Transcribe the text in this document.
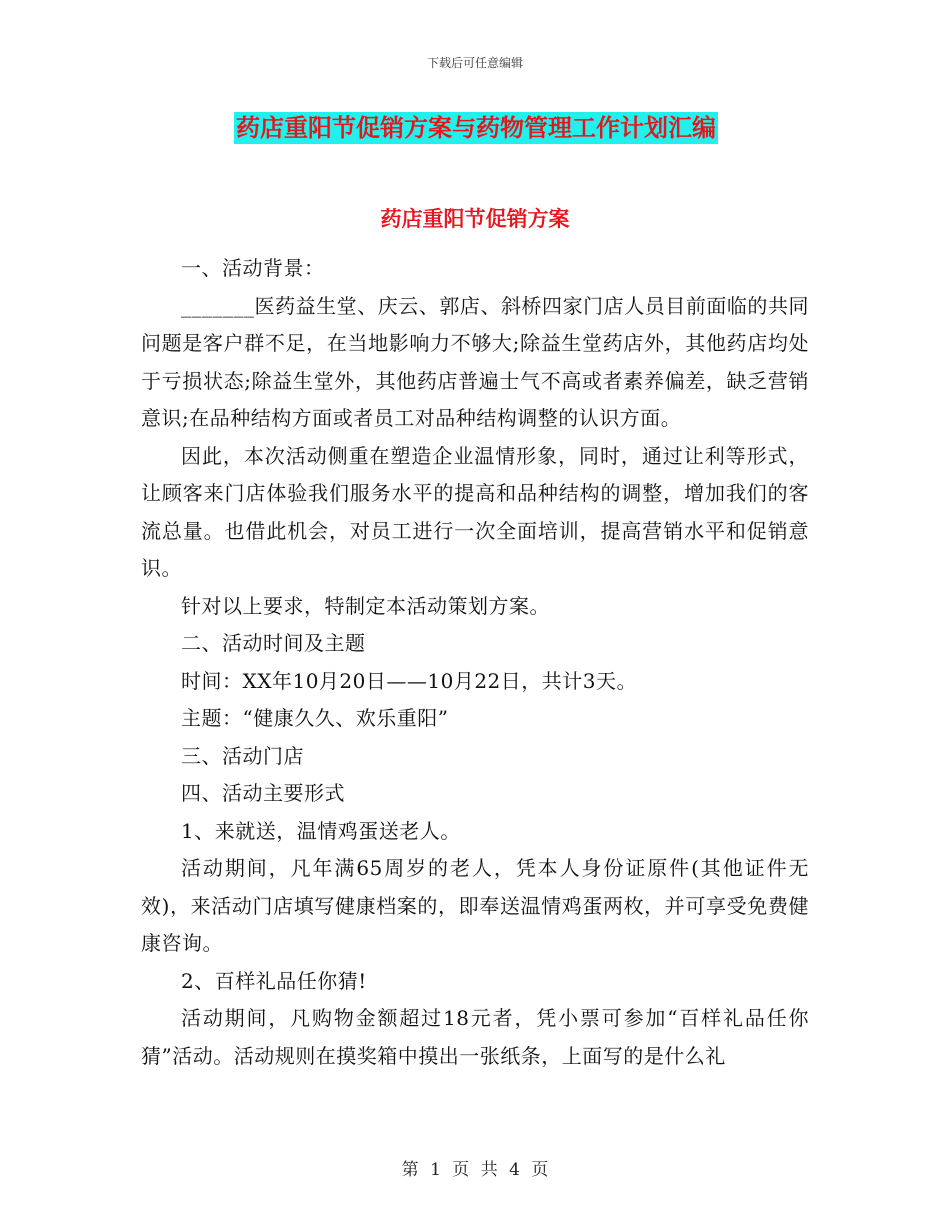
下载后可任意编辑
药店重阳节促销方案与药物管理工作计划汇编
药店重阳节促销方案

一、活动背景：

_______医药益生堂、庆云、郭店、斜桥四家门店人员目前面临的共同问题是客户群不足，在当地影响力不够大;除益生堂药店外，其他药店均处于亏损状态;除益生堂外，其他药店普遍士气不高或者素养偏差，缺乏营销意识;在品种结构方面或者员工对品种结构调整的认识方面。

因此，本次活动侧重在塑造企业温情形象，同时，通过让利等形式，让顾客来门店体验我们服务水平的提高和品种结构的调整，增加我们的客流总量。也借此机会，对员工进行一次全面培训，提高营销水平和促销意识。

针对以上要求，特制定本活动策划方案。

二、活动时间及主题

时间：XX年10月20日——10月22日，共计3天。

主题：“健康久久、欢乐重阳”

三、活动门店

四、活动主要形式

1、来就送，温情鸡蛋送老人。

活动期间，凡年满65周岁的老人，凭本人身份证原件(其他证件无效)，来活动门店填写健康档案的，即奉送温情鸡蛋两枚，并可享受免费健康咨询。

2、百样礼品任你猜!

活动期间，凡购物金额超过18元者，凭小票可参加“百样礼品任你猜”活动。活动规则在摸奖箱中摸出一张纸条，上面写的是什么礼

第 1 页 共 4 页
